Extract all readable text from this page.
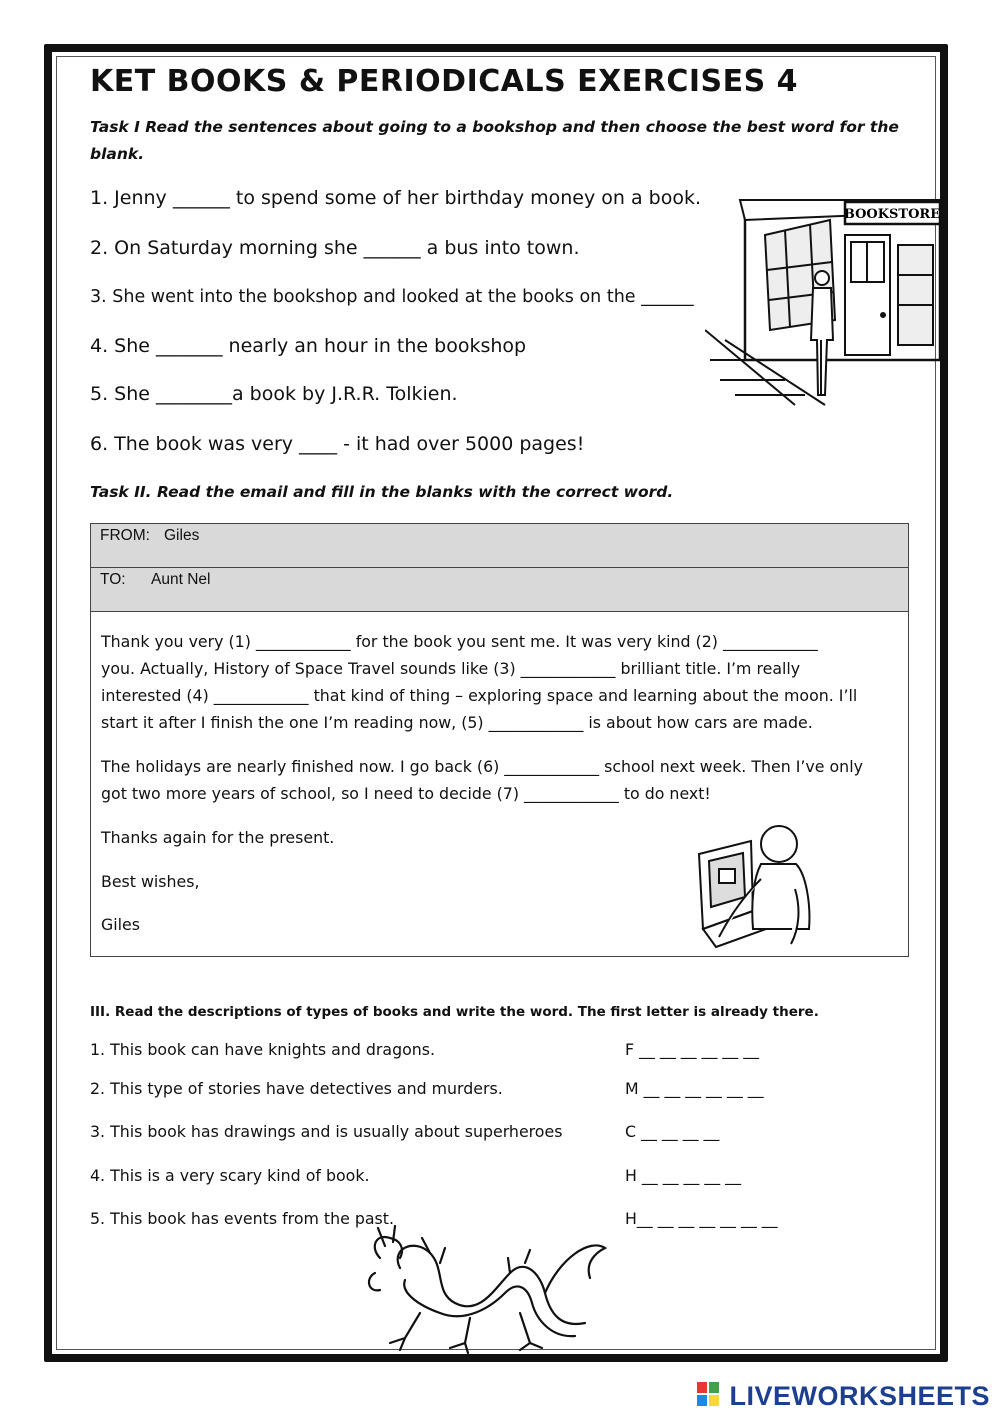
KET BOOKS & PERIODICALS EXERCISES 4
Task I Read the sentences about going to a bookshop and then choose the best word for the
blank.
1. Jenny ______ to spend some of her birthday money on a book.
2. On Saturday morning she ______ a bus into town.
3. She went into the bookshop and looked at the books on the ______
4. She _______ nearly an hour in the bookshop
5. She ________a book by J.R.R. Tolkien.
6. The book was very ____ - it had over 5000 pages!
BOOKSTORE
Task II. Read the email and fill in the blanks with the correct word.
FROM: Giles
TO: Aunt Nel
Thank you very (1) ____________ for the book you sent me. It was very kind (2) ____________
you. Actually, History of Space Travel sounds like (3) ____________ brilliant title. I’m really
interested (4) ____________ that kind of thing – exploring space and learning about the moon. I’ll
start it after I finish the one I’m reading now, (5) ____________ is about how cars are made.
The holidays are nearly finished now. I go back (6) ____________ school next week. Then I’ve only
got two more years of school, so I need to decide (7) ____________ to do next!
Thanks again for the present.
Best wishes,
Giles
III. Read the descriptions of types of books and write the word. The first letter is already there.
1. This book can have knights and dragons.	F __ __ __ __ __ __
2. This type of stories have detectives and murders.	M __ __ __ __ __ __
3. This book has drawings and is usually about superheroes	C __ __ __ __
4. This is a very scary kind of book.	H __ __ __ __ __
5. This book has events from the past.	H__ __ __ __ __ __ __
LIVEWORKSHEETS
